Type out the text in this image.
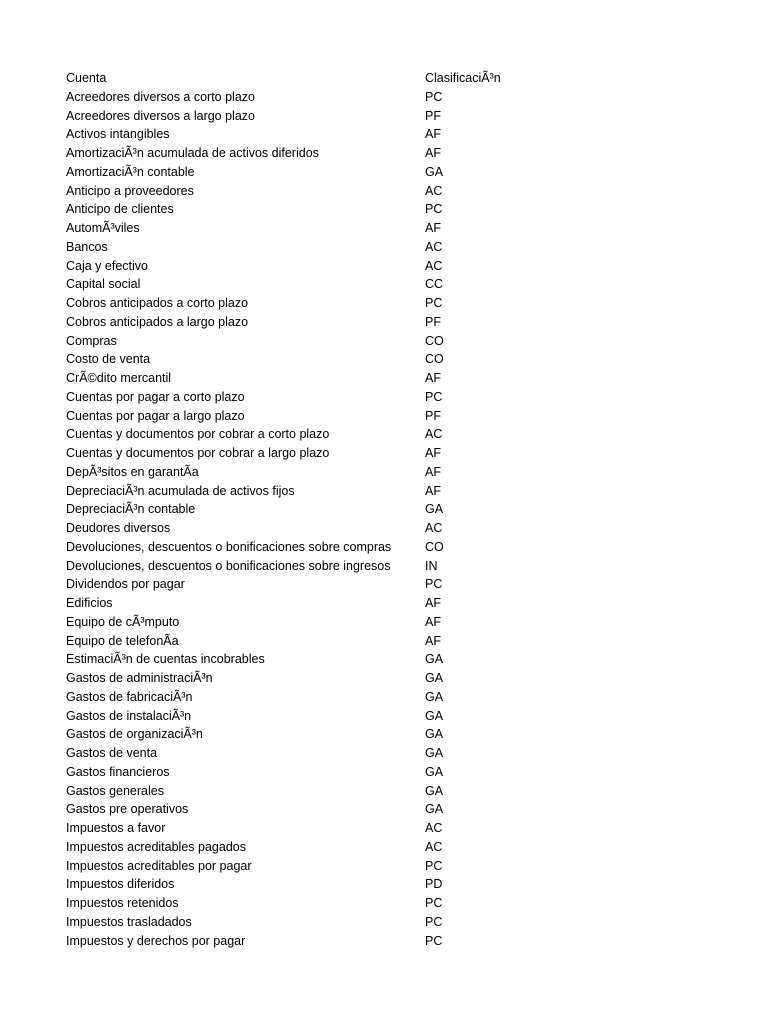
Cuenta	ClasificaciÃ³n
Acreedores diversos a corto plazo	PC
Acreedores diversos a largo plazo	PF
Activos intangibles	AF
AmortizaciÃ³n acumulada de activos diferidos	AF
AmortizaciÃ³n contable	GA
Anticipo a proveedores	AC
Anticipo de clientes	PC
AutomÃ³viles	AF
Bancos	AC
Caja y efectivo	AC
Capital social	CC
Cobros anticipados a corto plazo	PC
Cobros anticipados a largo plazo	PF
Compras	CO
Costo de venta	CO
CrÃ©dito mercantil	AF
Cuentas por pagar a corto plazo	PC
Cuentas por pagar a largo plazo	PF
Cuentas y documentos por cobrar a corto plazo	AC
Cuentas y documentos por cobrar a largo plazo	AF
DepÃ³sitos en garantÃa	AF
DepreciaciÃ³n acumulada de activos fijos	AF
DepreciaciÃ³n contable	GA
Deudores diversos	AC
Devoluciones, descuentos o bonificaciones sobre compras	CO
Devoluciones, descuentos o bonificaciones sobre ingresos	IN
Dividendos por pagar	PC
Edificios	AF
Equipo de cÃ³mputo	AF
Equipo de telefonÃa	AF
EstimaciÃ³n de cuentas incobrables	GA
Gastos de administraciÃ³n	GA
Gastos de fabricaciÃ³n	GA
Gastos de instalaciÃ³n	GA
Gastos de organizaciÃ³n	GA
Gastos de venta	GA
Gastos financieros	GA
Gastos generales	GA
Gastos pre operativos	GA
Impuestos a favor	AC
Impuestos acreditables pagados	AC
Impuestos acreditables por pagar	PC
Impuestos diferidos	PD
Impuestos retenidos	PC
Impuestos trasladados	PC
Impuestos y derechos por pagar	PC
